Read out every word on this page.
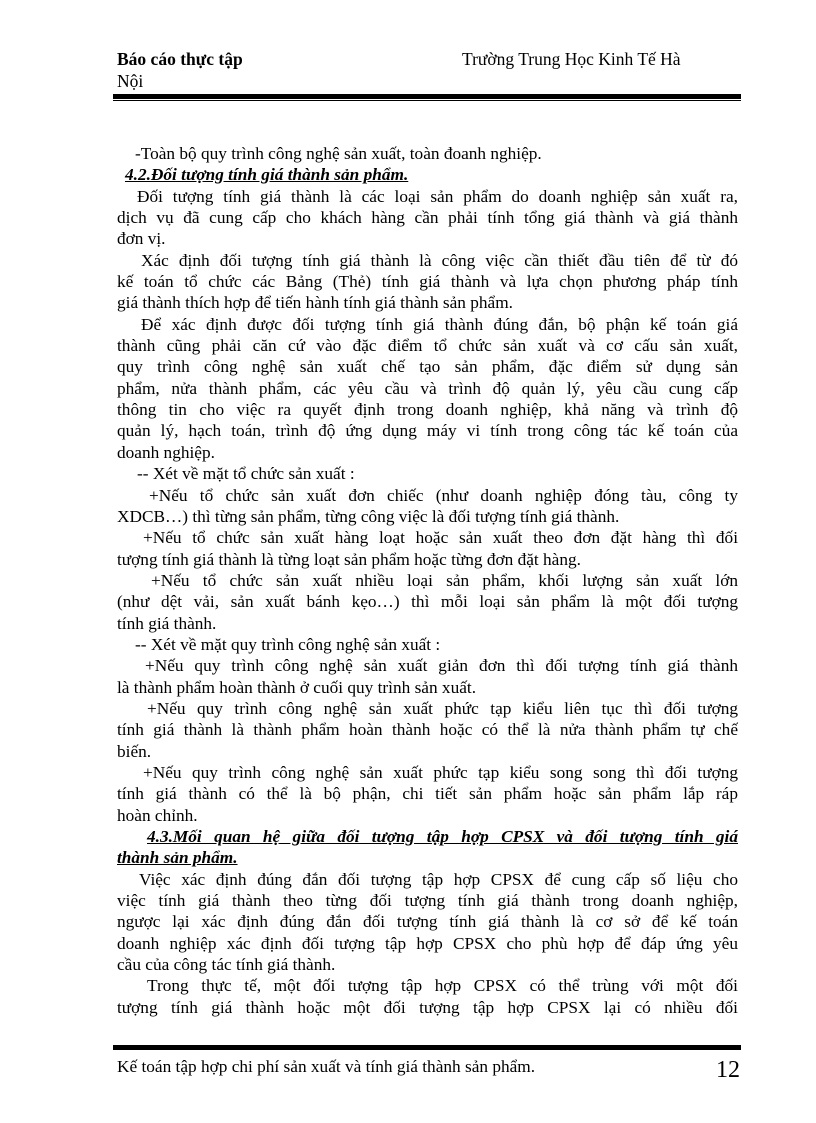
Báo cáo thực tập	Trường Trung Học Kinh Tế Hà
Nội

-Toàn bộ quy trình công nghệ sản xuất, toàn đoanh nghiệp.

4.2.Đối tượng tính giá thành sản phẩm.

Đối tượng tính giá thành là các loại sản phẩm do doanh nghiệp sản xuất ra,
dịch vụ đã cung cấp cho khách hàng cần phải tính tổng giá thành và giá thành
đơn vị.

Xác định đối tượng tính giá thành là công việc cần thiết đầu tiên để từ đó
kế toán tổ chức các Bảng (Thẻ) tính giá thành và lựa chọn phương pháp tính
giá thành thích hợp để tiến hành tính giá thành sản phẩm.

Để xác định được đối tượng tính giá thành đúng đắn, bộ phận kế toán giá
thành cũng phải căn cứ vào đặc điểm tổ chức sản xuất và cơ cấu sản xuất,
quy trình công nghệ sản xuất chế tạo sản phẩm, đặc điểm sử dụng sản
phẩm, nửa thành phẩm, các yêu cầu và trình độ quản lý, yêu cầu cung cấp
thông tin cho việc ra quyết định trong doanh nghiệp, khả năng và trình độ
quản lý, hạch toán, trình độ ứng dụng máy vi tính trong công tác kế toán của
doanh nghiệp.

-- Xét về mặt tổ chức sản xuất :

+Nếu tổ chức sản xuất đơn chiếc (như doanh nghiệp đóng tàu, công ty
XDCB…) thì từng sản phẩm, từng công việc là đối tượng tính giá thành.

+Nếu tổ chức sản xuất hàng loạt hoặc sản xuất theo đơn đặt hàng thì đối
tượng tính giá thành là từng loạt sản phẩm hoặc từng đơn đặt hàng.

+Nếu tổ chức sản xuất nhiều loại sản phẩm, khối lượng sản xuất lớn
(như dệt vải, sản xuất bánh kẹo…) thì mỗi loại sản phẩm là một đối tượng
tính giá thành.

-- Xét về mặt quy trình công nghệ sản xuất :

+Nếu quy trình công nghệ sản xuất giản đơn thì đối tượng tính giá thành
là thành phẩm hoàn thành ở cuối quy trình sản xuất.

+Nếu quy trình công nghệ sản xuất phức tạp kiểu liên tục thì đối tượng
tính giá thành là thành phẩm hoàn thành hoặc có thể là nửa thành phẩm tự chế
biến.

+Nếu quy trình công nghệ sản xuất phức tạp kiểu song song thì đối tượng
tính giá thành có thể là bộ phận, chi tiết sản phẩm hoặc sản phẩm lắp ráp
hoàn chỉnh.

4.3.Mối quan hệ giữa đối tượng tập hợp CPSX và đối tượng tính giá
thành sản phẩm.

Việc xác định đúng đắn đối tượng tập hợp CPSX để cung cấp số liệu cho
việc tính giá thành theo từng đối tượng tính giá thành trong doanh nghiệp,
ngược lại xác định đúng đắn đối tượng tính giá thành là cơ sở để kế toán
doanh nghiệp xác định đối tượng tập hợp CPSX cho phù hợp để đáp ứng yêu
cầu của công tác tính giá thành.

Trong thực tế, một đối tượng tập hợp CPSX có thể trùng với một đối
tượng tính giá thành hoặc một đối tượng tập hợp CPSX lại có nhiều đối

Kế toán tập hợp chi phí sản xuất và tính giá thành sản phẩm.	12
